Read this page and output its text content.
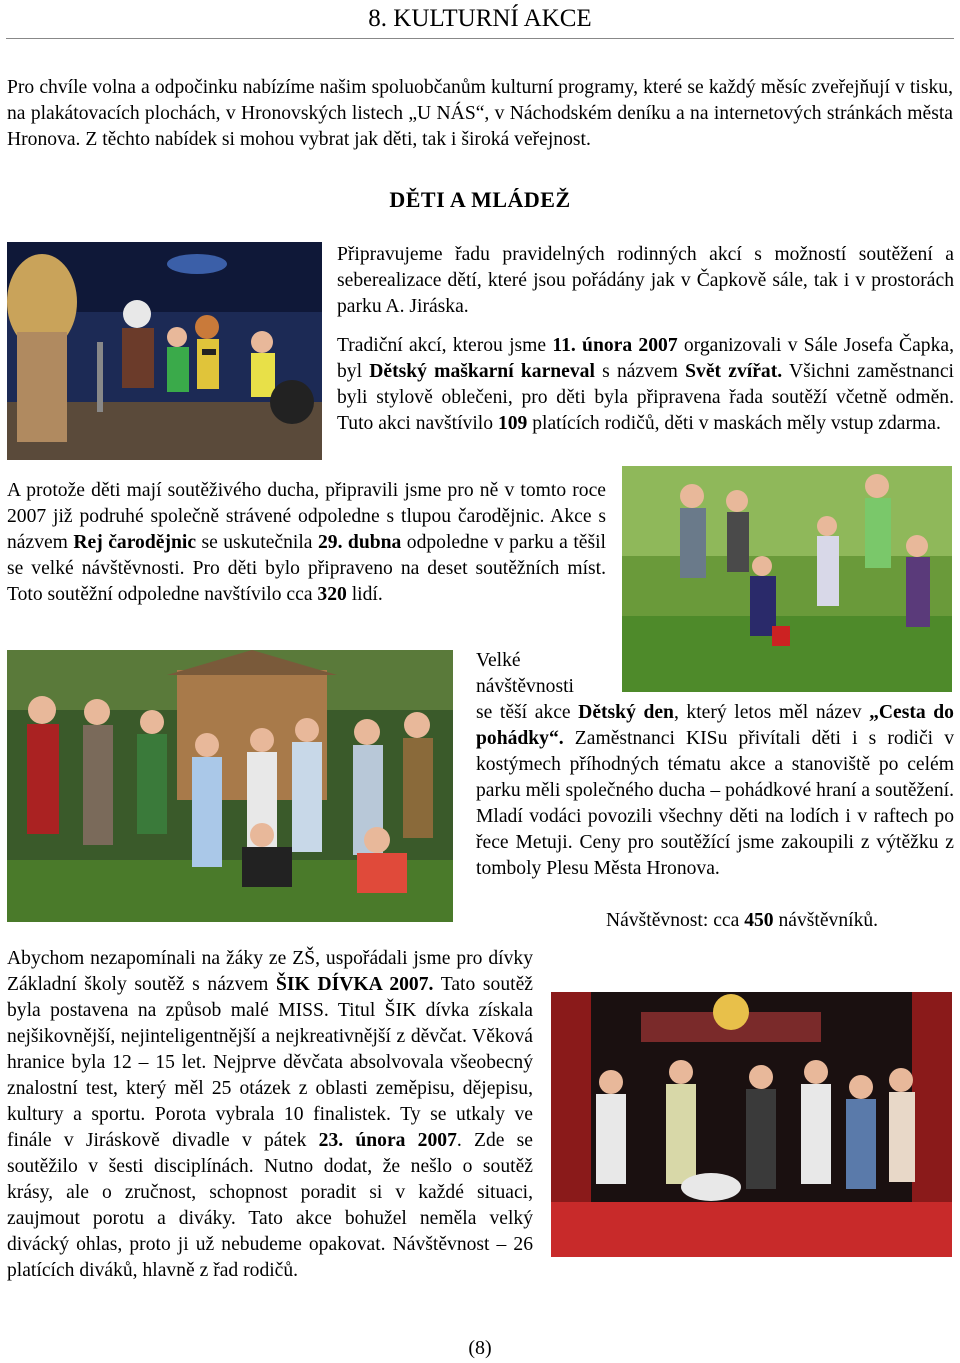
8. KULTURNÍ AKCE

Pro chvíle volna a odpočinku nabízíme našim spoluobčanům kulturní programy, které se každý měsíc zveřejňují v tisku, na plakátovacích plochách, v Hronovských listech „U NÁS“, v Náchodském deníku a na internetových stránkách města Hronova. Z těchto nabídek si mohou vybrat jak děti, tak i široká veřejnost.

DĚTI A MLÁDEŽ

Připravujeme řadu pravidelných rodinných akcí s možností soutěžení a seberealizace dětí, které jsou pořádány jak v Čapkově sále, tak i v prostorách parku A. Jiráska.

Tradiční akcí, kterou jsme 11. února 2007 organizovali v Sále Josefa Čapka, byl Dětský maškarní karneval s názvem Svět zvířat. Všichni zaměstnanci byli stylově oblečeni, pro děti byla připravena řada soutěží včetně odměn. Tuto akci navštívilo 109 platících rodičů, děti v maskách měly vstup zdarma.

A protože děti mají soutěživého ducha, připravili jsme pro ně v tomto roce 2007 již podruhé společně strávené odpoledne s tlupou čarodějnic. Akce s názvem Rej čarodějnic se uskutečnila 29. dubna odpoledne v parku a těšil se velké návštěvnosti. Pro děti bylo připraveno na deset soutěžních míst. Toto soutěžní odpoledne navštívilo cca 320 lidí.

Velké
návštěvnosti

se těší akce Dětský den, který letos měl název „Cesta do pohádky“. Zaměstnanci KISu přivítali děti i s rodiči v kostýmech příhodných tématu akce a stanoviště po celém parku měli společného ducha – pohádkové hraní a soutěžení. Mladí vodáci povozili všechny děti na lodích i v raftech po řece Metuji. Ceny pro soutěžící jsme zakoupili z výtěžku z tomboly Plesu Města Hronova.

Návštěvnost: cca 450 návštěvníků.

Abychom nezapomínali na žáky ze ZŠ, uspořádali jsme pro dívky Základní školy soutěž s názvem ŠIK DÍVKA 2007. Tato soutěž byla postavena na způsob malé MISS. Titul ŠIK dívka získala nejšikovnější, nejinteligentnější a nejkreativnější z děvčat. Věková hranice byla 12 – 15 let. Nejprve děvčata absolvovala všeobecný znalostní test, který měl 25 otázek z oblasti zeměpisu, dějepisu, kultury a sportu. Porota vybrala 10 finalistek. Ty se utkaly ve finále v Jiráskově divadle v pátek 23. února 2007. Zde se soutěžilo v šesti disciplínách. Nutno dodat, že nešlo o soutěž krásy, ale o zručnost, schopnost poradit si v každé situaci, zaujmout porotu a diváky. Tato akce bohužel neměla velký divácký ohlas, proto ji už nebudeme opakovat. Návštěvnost – 26 platících diváků, hlavně z řad rodičů.

(8)
